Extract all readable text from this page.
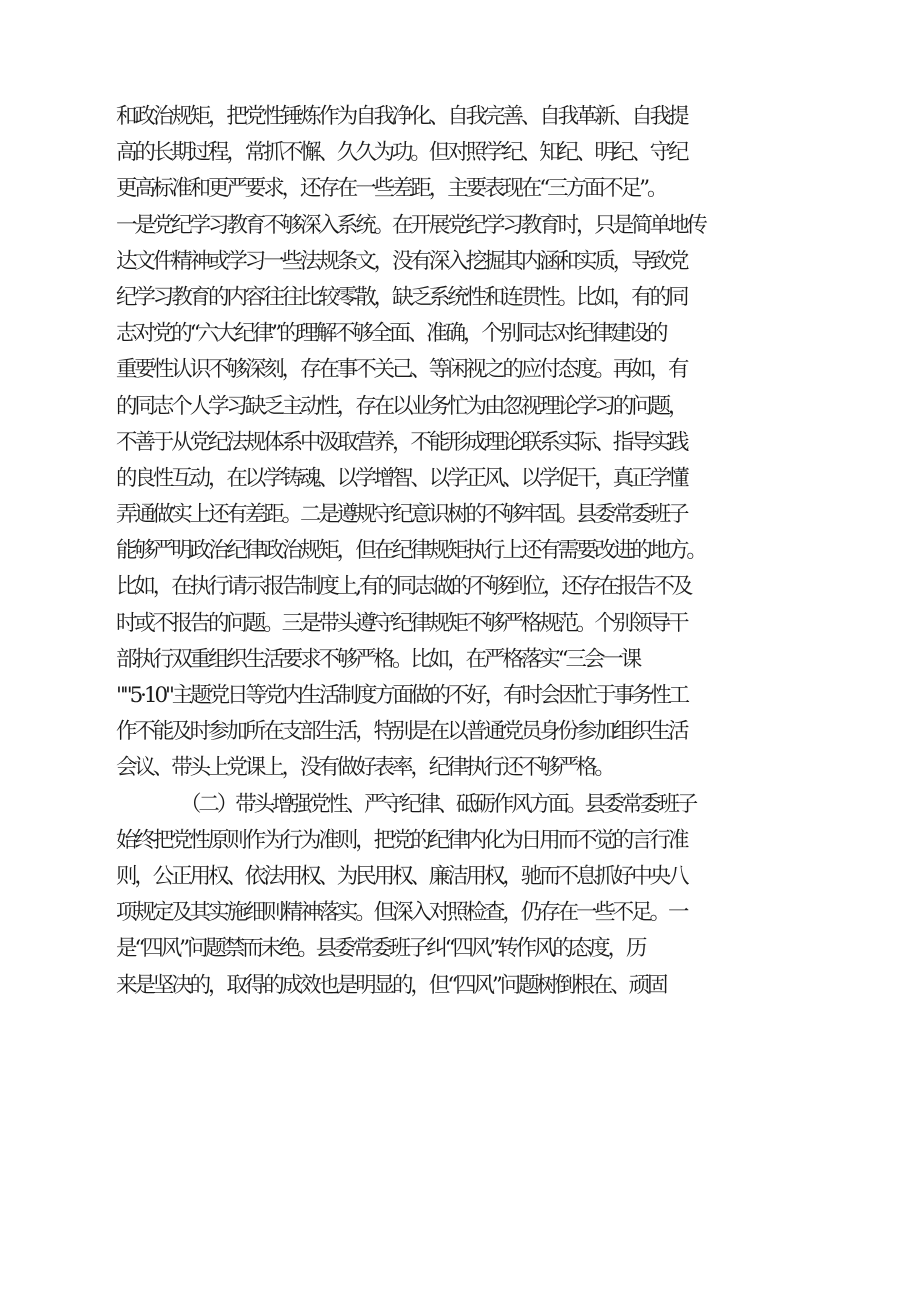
和政治规矩，把党性锤炼作为自我净化、自我完善、自我革新、自我提
高的长期过程，常抓不懈、久久为功。但对照学纪、知纪、明纪、守纪
更高标准和更严要求，还存在一些差距，主要表现在“三方面不足”。
一是党纪学习教育不够深入系统。在开展党纪学习教育时，只是简单地传
达文件精神或学习一些法规条文，没有深入挖掘其内涵和实质，导致党
纪学习教育的内容往往比较零散，缺乏系统性和连贯性。比如，有的同
志对党的“六大纪律”的理解不够全面、准确，个别同志对纪律建设的
重要性认识不够深刻，存在事不关己、等闲视之的应付态度。再如，有
的同志个人学习缺乏主动性，存在以业务忙为由忽视理论学习的问题，
不善于从党纪法规体系中汲取营养，不能形成理论联系实际、指导实践
的良性互动，在以学铸魂、以学增智、以学正风、以学促干，真正学懂
弄通做实上还有差距。二是遵规守纪意识树的不够牢固。县委常委班子
能够严明政治纪律政治规矩，但在纪律规矩执行上还有需要改进的地方。
比如，在执行请示报告制度上,有的同志做的不够到位，还存在报告不及
时或不报告的问题。三是带头遵守纪律规矩不够严格规范。个别领导干
部执行双重组织生活要求不够严格。比如，在严格落实“三会一课
""5·10"主题党日等党内生活制度方面做的不好，有时会因忙于事务性工
作不能及时参加所在支部生活，特别是在以普通党员身份参加组织生活
会议、带头上党课上，没有做好表率，纪律执行还不够严格。
（二）带头增强党性、严守纪律、砥砺作风方面。县委常委班子
始终把党性原则作为行为准则，把党的纪律内化为日用而不觉的言行准
则，公正用权、依法用权、为民用权、廉洁用权，驰而不息抓好中央八
项规定及其实施细则精神落实。但深入对照检查，仍存在一些不足。一
是“四风”问题禁而未绝。县委常委班子纠“四风”转作风的态度，历
来是坚决的，取得的成效也是明显的，但“四风”问题树倒根在、顽固
